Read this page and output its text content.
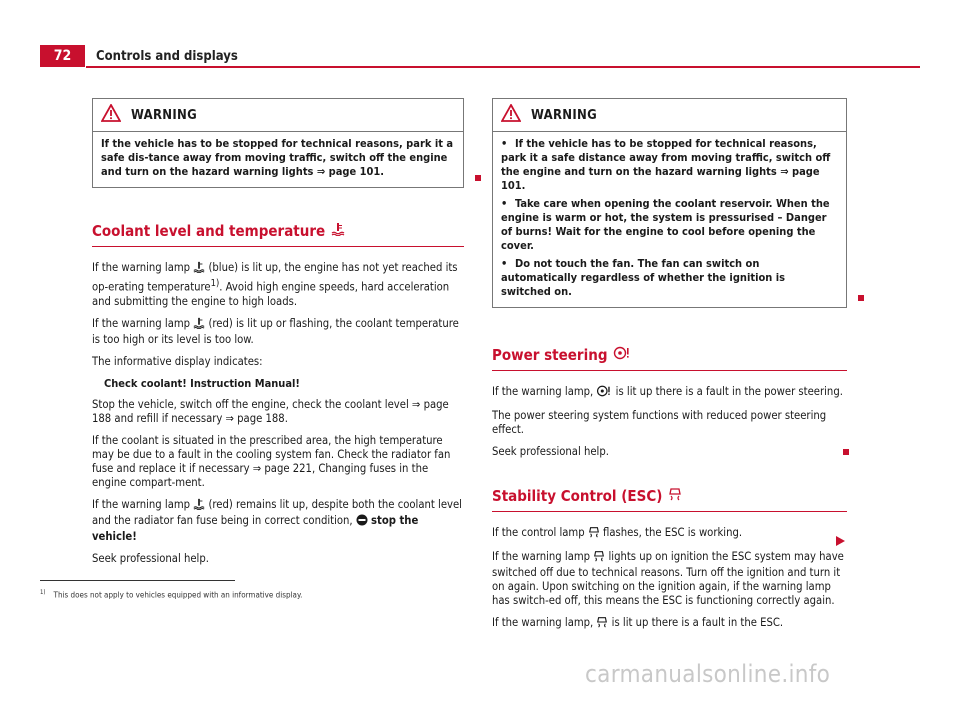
72	Controls and displays
WARNING

If the vehicle has to be stopped for technical reasons, park it a safe dis-tance away from moving traffic, switch off the engine and turn on the hazard warning lights ⇒ page 101.

Coolant level and temperature

If the warning lamp (blue) is lit up, the engine has not yet reached its op-erating temperature$^{1)}$. Avoid high engine speeds, hard acceleration and submitting the engine to high loads.

If the warning lamp (red) is lit up or flashing, the coolant temperature is too high or its level is too low.

The informative display indicates:

Check coolant! Instruction Manual!

Stop the vehicle, switch off the engine, check the coolant level ⇒ page 188 and refill if necessary ⇒ page 188.

If the coolant is situated in the prescribed area, the high temperature may be due to a fault in the cooling system fan. Check the radiator fan fuse and replace it if necessary ⇒ page 221, Changing fuses in the engine compart-ment.

If the warning lamp (red) remains lit up, despite both the coolant level and the radiator fan fuse being in correct condition, stop the vehicle!

Seek professional help.

WARNING

• If the vehicle has to be stopped for technical reasons, park it a safe distance away from moving traffic, switch off the engine and turn on the hazard warning lights ⇒ page 101.

• Take care when opening the coolant reservoir. When the engine is warm or hot, the system is pressurised – Danger of burns! Wait for the engine to cool before opening the cover.

• Do not touch the fan. The fan can switch on automatically regardless of whether the ignition is switched on.

Power steering

If the warning lamp, is lit up there is a fault in the power steering.

The power steering system functions with reduced power steering effect.

Seek professional help.

Stability Control (ESC)

If the control lamp flashes, the ESC is working.

If the warning lamp lights up on ignition the ESC system may have switched off due to technical reasons. Turn off the ignition and turn it on again. Upon switching on the ignition again, if the warning lamp has switch-ed off, this means the ESC is functioning correctly again.

If the warning lamp, is lit up there is a fault in the ESC.

$^{1)}$ This does not apply to vehicles equipped with an informative display.
carmanualsonline.info
